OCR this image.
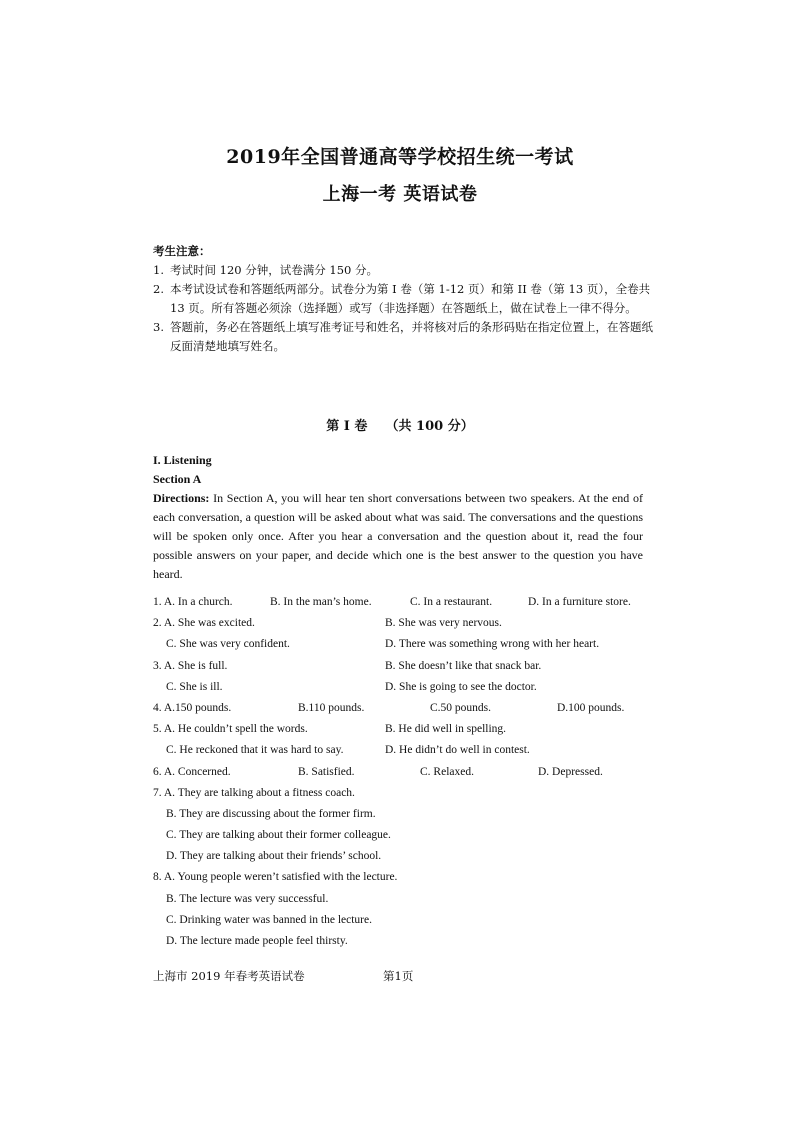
2019年全国普通高等学校招生统一考试
上海一考 英语试卷
考生注意：
1. 考试时间 120 分钟，试卷满分 150 分。
2. 本考试设试卷和答题纸两部分。试卷分为第 I 卷（第 1-12 页）和第 II 卷（第 13 页），全卷共 13 页。所有答题必须涂（选择题）或写（非选择题）在答题纸上，做在试卷上一律不得分。
3. 答题前，务必在答题纸上填写准考证号和姓名，并将核对后的条形码贴在指定位置上，在答题纸反面清楚地填写姓名。
第 I 卷    （共 100 分）
I. Listening
Section A
Directions: In Section A, you will hear ten short conversations between two speakers. At the end of each conversation, a question will be asked about what was said. The conversations and the questions will be spoken only once. After you hear a conversation and the question about it, read the four possible answers on your paper, and decide which one is the best answer to the question you have heard.
1. A. In a church.	B. In the man’s home.	C. In a restaurant.	D. In a furniture store.
2. A. She was excited.	B. She was very nervous.
C. She was very confident.	D. There was something wrong with her heart.
3. A. She is full.	B. She doesn’t like that snack bar.
C. She is ill.	D. She is going to see the doctor.
4. A.150 pounds.	B.110 pounds.	C.50 pounds.	D.100 pounds.
5. A. He couldn’t spell the words.	B. He did well in spelling.
C. He reckoned that it was hard to say.	D. He didn’t do well in contest.
6. A. Concerned.	B. Satisfied.	C. Relaxed.	D. Depressed.
7. A. They are talking about a fitness coach.
B. They are discussing about the former firm.
C. They are talking about their former colleague.
D. They are talking about their friends’ school.
8. A. Young people weren’t satisfied with the lecture.
B. The lecture was very successful.
C. Drinking water was banned in the lecture.
D. The lecture made people feel thirsty.
上海市 2019 年春考英语试卷	第1页
